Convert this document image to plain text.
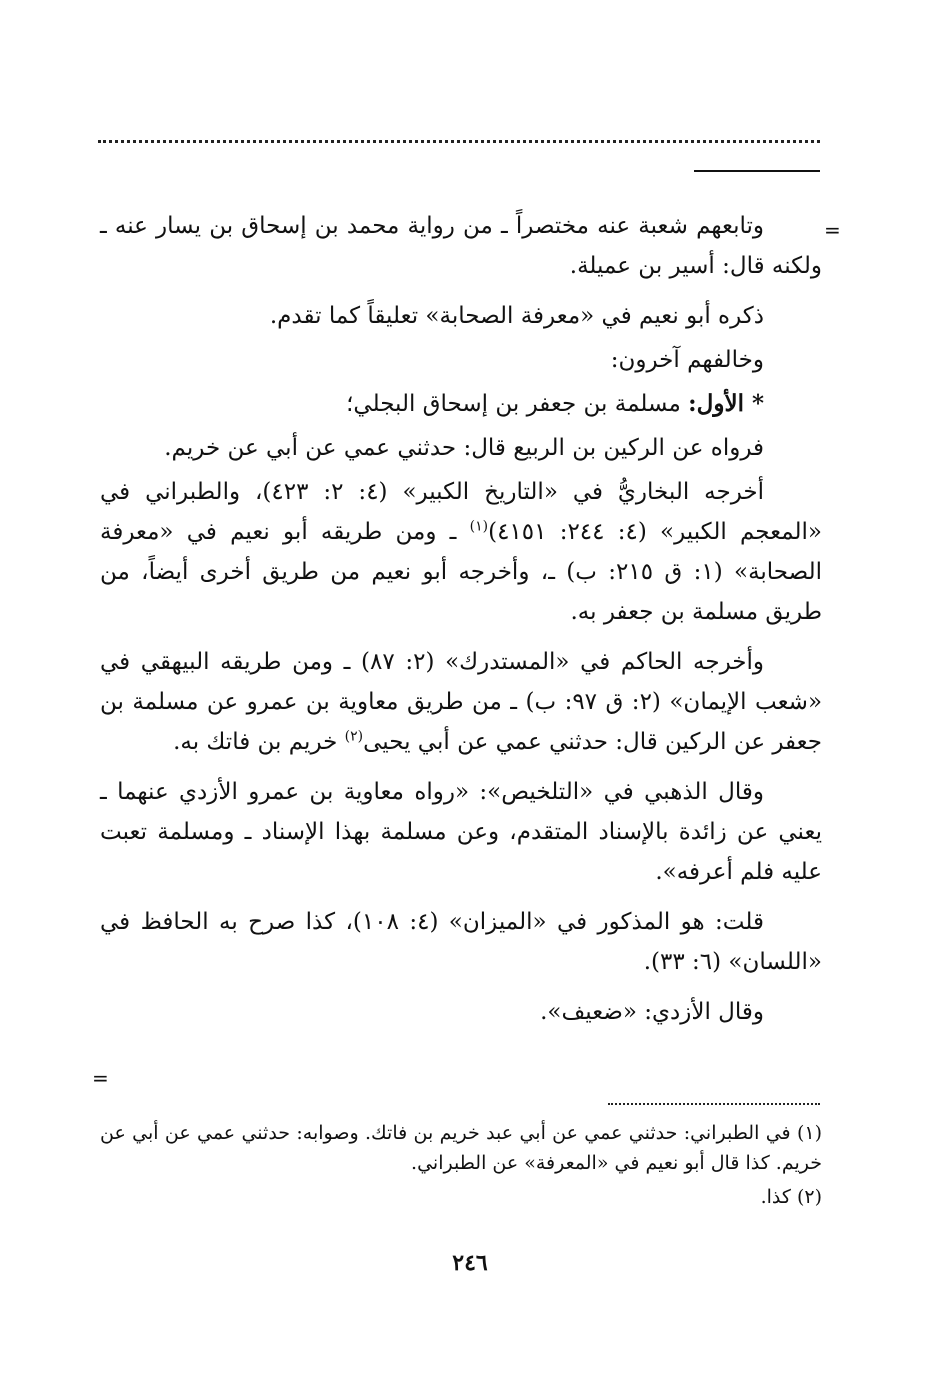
=

وتابعهم شعبة عنه مختصراً ـ من رواية محمد بن إسحاق بن يسار عنه ـ ولكنه قال: أسير بن عميلة.

ذكره أبو نعيم في «معرفة الصحابة» تعليقاً كما تقدم.

وخالفهم آخرون:

* الأول: مسلمة بن جعفر بن إسحاق البجلي؛

فرواه عن الركين بن الربيع قال: حدثني عمي عن أبي عن خريم.

أخرجه البخاريُّ في «التاريخ الكبير» (٤: ٢: ٤٢٣)، والطبراني في «المعجم الكبير» (٤: ٢٤٤: ٤١٥١)$^{(١)}$ ـ ومن طريقه أبو نعيم في «معرفة الصحابة» (١: ق ٢١٥: ب) ـ، وأخرجه أبو نعيم من طريق أخرى أيضاً، من طريق مسلمة بن جعفر به.

وأخرجه الحاكم في «المستدرك» (٢: ٨٧) ـ ومن طريقه البيهقي في «شعب الإيمان» (٢: ق ٩٧: ب) ـ من طريق معاوية بن عمرو عن مسلمة بن جعفر عن الركين قال: حدثني عمي عن أبي يحيى$^{(٢)}$ خريم بن فاتك به.

وقال الذهبي في «التلخيص»: «رواه معاوية بن عمرو الأزدي عنهما ـ يعني عن زائدة بالإسناد المتقدم، وعن مسلمة بهذا الإسناد ـ ومسلمة تعبت عليه فلم أعرفه».

قلت: هو المذكور في «الميزان» (٤: ١٠٨)، كذا صرح به الحافظ في «اللسان» (٦: ٣٣).

وقال الأزدي: «ضعيف».

=

(١) في الطبراني: حدثني عمي عن أبي عبد خريم بن فاتك. وصوابه: حدثني عمي عن أبي عن خريم. كذا قال أبو نعيم في «المعرفة» عن الطبراني.

(٢) كذا.

٢٤٦
